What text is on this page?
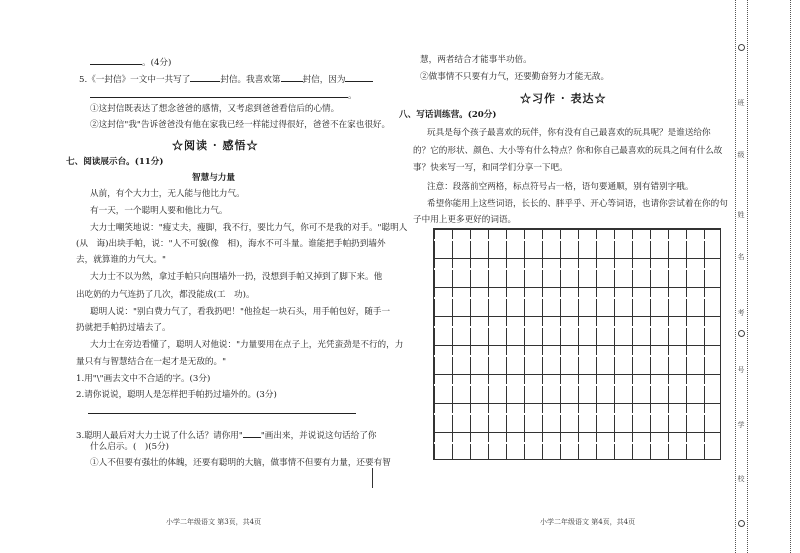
。(4分)
5.《一封信》一文中一共写了	封信。我喜欢第	封信，因为
。
①这封信既表达了想念爸爸的感情，又考虑到爸爸看信后的心情。
②这封信"我"告诉爸爸没有他在家我已经一样能过得很好，爸爸不在家也很好。
☆阅读 · 感悟☆
七、阅读展示台。(11分)
智慧与力量
从前，有个大力士，无人能与他比力气。
有一天，一个聪明人要和他比力气。
大力士嘲笑地说："瘦丈夫，瘦脚，我不行，要比力气，你可不是我的对手。"聪明人
(从　诲)出块手帕，说："人不可貌(像　相)，海水不可斗量。谁能把手帕扔到墙外
去，就算谁的力气大。"
大力士不以为然，拿过手帕只向围墙外一扔，没想到手帕又掉到了脚下来。他
出吃奶的力气连扔了几次，都没能成(工　功)。
聪明人说："别白费力气了，看我扔吧！"他捡起一块石头，用手帕包好，随手一
扔就把手帕扔过墙去了。
大力士在旁边看懂了，聪明人对他说："力量要用在点子上，光凭蛮劲是不行的，力
量只有与智慧结合在一起才是无敌的。"
1.用"\"画去文中不合适的字。(3分)
2.请你说说，聪明人是怎样把手帕扔过墙外的。(3分)
3.聪明人最后对大力士说了什么话？请你用" "画出来，并说说这句话给了你
什么启示。(　)(5分)
①人不但要有强壮的体魄，还要有聪明的大脑，做事情不但要有力量，还要有智
小学二年级语文 第3页，共4页
慧，两者结合才能事半功倍。
②做事情不只要有力气，还要勤奋努力才能无敌。
☆习作 · 表达☆
八、写话训练营。(20分)
玩具是每个孩子最喜欢的玩伴，你有没有自己最喜欢的玩具呢？是谁送给你
的？它的形状、颜色、大小等有什么特点？你和你自己最喜欢的玩具之间有什么故
事？快来写一写，和同学们分享一下吧。
注意：段落前空两格，标点符号占一格，语句要通顺，别有错别字哦。
希望你能用上这些词语，长长的、胖乎乎、开心等词语，也请你尝试着在你的句
子中用上更多更好的词语。
小学二年级语文 第4页，共4页
班
级
姓
名
考
号
学
校
